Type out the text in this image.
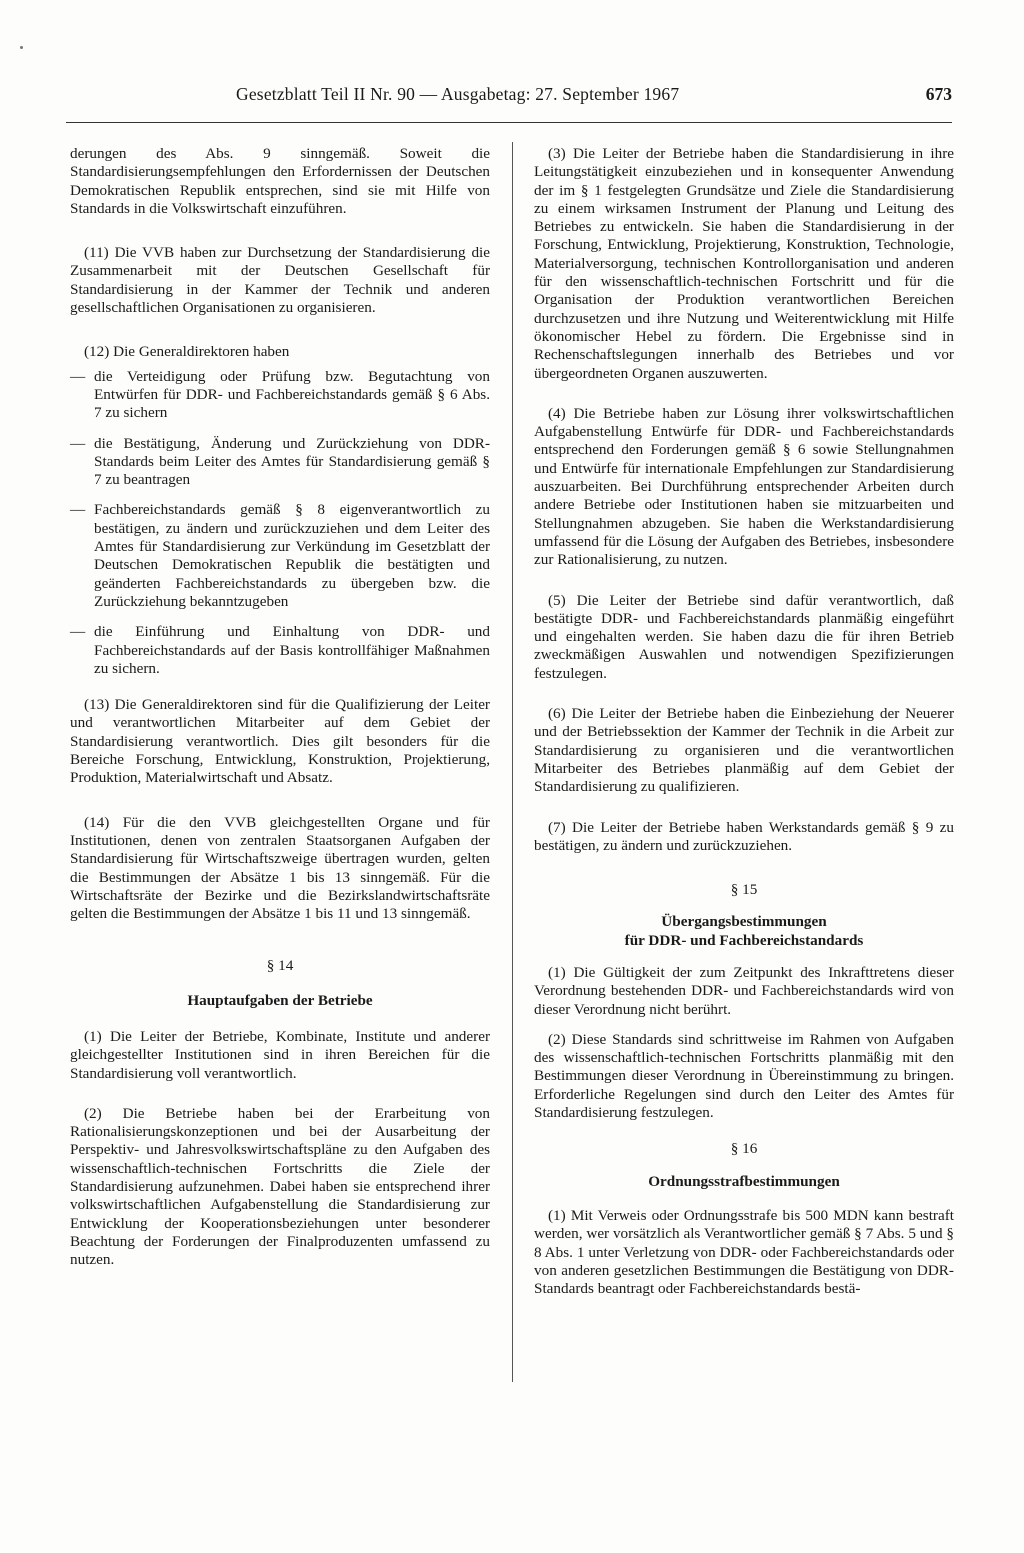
Gesetzblatt Teil II Nr. 90 — Ausgabetag: 27. September 1967	673

derungen des Abs. 9 sinngemäß. Soweit die Standardisierungsempfehlungen den Erfordernissen der Deutschen Demokratischen Republik entsprechen, sind sie mit Hilfe von Standards in die Volkswirtschaft einzuführen.

(11) Die VVB haben zur Durchsetzung der Standardisierung die Zusammenarbeit mit der Deutschen Gesellschaft für Standardisierung in der Kammer der Technik und anderen gesellschaftlichen Organisationen zu organisieren.

(12) Die Generaldirektoren haben

— die Verteidigung oder Prüfung bzw. Begutachtung von Entwürfen für DDR- und Fachbereichstandards gemäß § 6 Abs. 7 zu sichern
— die Bestätigung, Änderung und Zurückziehung von DDR-Standards beim Leiter des Amtes für Standardisierung gemäß § 7 zu beantragen
— Fachbereichstandards gemäß § 8 eigenverantwortlich zu bestätigen, zu ändern und zurückzuziehen und dem Leiter des Amtes für Standardisierung zur Verkündung im Gesetzblatt der Deutschen Demokratischen Republik die bestätigten und geänderten Fachbereichstandards zu übergeben bzw. die Zurückziehung bekanntzugeben
— die Einführung und Einhaltung von DDR- und Fachbereichstandards auf der Basis kontrollfähiger Maßnahmen zu sichern.

(13) Die Generaldirektoren sind für die Qualifizierung der Leiter und verantwortlichen Mitarbeiter auf dem Gebiet der Standardisierung verantwortlich. Dies gilt besonders für die Bereiche Forschung, Entwicklung, Konstruktion, Projektierung, Produktion, Materialwirtschaft und Absatz.

(14) Für die den VVB gleichgestellten Organe und für Institutionen, denen von zentralen Staatsorganen Aufgaben der Standardisierung für Wirtschaftszweige übertragen wurden, gelten die Bestimmungen der Absätze 1 bis 13 sinngemäß. Für die Wirtschaftsräte der Bezirke und die Bezirkslandwirtschaftsräte gelten die Bestimmungen der Absätze 1 bis 11 und 13 sinngemäß.

§ 14
Hauptaufgaben der Betriebe

(1) Die Leiter der Betriebe, Kombinate, Institute und anderer gleichgestellter Institutionen sind in ihren Bereichen für die Standardisierung voll verantwortlich.

(2) Die Betriebe haben bei der Erarbeitung von Rationalisierungskonzeptionen und bei der Ausarbeitung der Perspektiv- und Jahresvolkswirtschaftspläne zu den Aufgaben des wissenschaftlich-technischen Fortschritts die Ziele der Standardisierung aufzunehmen. Dabei haben sie entsprechend ihrer volkswirtschaftlichen Aufgabenstellung die Standardisierung zur Entwicklung der Kooperationsbeziehungen unter besonderer Beachtung der Forderungen der Finalproduzenten umfassend zu nutzen.

(3) Die Leiter der Betriebe haben die Standardisierung in ihre Leitungstätigkeit einzubeziehen und in konsequenter Anwendung der im § 1 festgelegten Grundsätze und Ziele die Standardisierung zu einem wirksamen Instrument der Planung und Leitung des Betriebes zu entwickeln. Sie haben die Standardisierung in der Forschung, Entwicklung, Projektierung, Konstruktion, Technologie, Materialversorgung, technischen Kontrollorganisation und anderen für den wissenschaftlich-technischen Fortschritt und für die Organisation der Produktion verantwortlichen Bereichen durchzusetzen und ihre Nutzung und Weiterentwicklung mit Hilfe ökonomischer Hebel zu fördern. Die Ergebnisse sind in Rechenschaftslegungen innerhalb des Betriebes und vor übergeordneten Organen auszuwerten.

(4) Die Betriebe haben zur Lösung ihrer volkswirtschaftlichen Aufgabenstellung Entwürfe für DDR- und Fachbereichstandards entsprechend den Forderungen gemäß § 6 sowie Stellungnahmen und Entwürfe für internationale Empfehlungen zur Standardisierung auszuarbeiten. Bei Durchführung entsprechender Arbeiten durch andere Betriebe oder Institutionen haben sie mitzuarbeiten und Stellungnahmen abzugeben. Sie haben die Werkstandardisierung umfassend für die Lösung der Aufgaben des Betriebes, insbesondere zur Rationalisierung, zu nutzen.

(5) Die Leiter der Betriebe sind dafür verantwortlich, daß bestätigte DDR- und Fachbereichstandards planmäßig eingeführt und eingehalten werden. Sie haben dazu die für ihren Betrieb zweckmäßigen Auswahlen und notwendigen Spezifizierungen festzulegen.

(6) Die Leiter der Betriebe haben die Einbeziehung der Neuerer und der Betriebssektion der Kammer der Technik in die Arbeit zur Standardisierung zu organisieren und die verantwortlichen Mitarbeiter des Betriebes planmäßig auf dem Gebiet der Standardisierung zu qualifizieren.

(7) Die Leiter der Betriebe haben Werkstandards gemäß § 9 zu bestätigen, zu ändern und zurückzuziehen.

§ 15
Übergangsbestimmungen
für DDR- und Fachbereichstandards

(1) Die Gültigkeit der zum Zeitpunkt des Inkrafttretens dieser Verordnung bestehenden DDR- und Fachbereichstandards wird von dieser Verordnung nicht berührt.

(2) Diese Standards sind schrittweise im Rahmen von Aufgaben des wissenschaftlich-technischen Fortschritts planmäßig mit den Bestimmungen dieser Verordnung in Übereinstimmung zu bringen. Erforderliche Regelungen sind durch den Leiter des Amtes für Standardisierung festzulegen.

§ 16
Ordnungsstrafbestimmungen

(1) Mit Verweis oder Ordnungsstrafe bis 500 MDN kann bestraft werden, wer vorsätzlich als Verantwortlicher gemäß § 7 Abs. 5 und § 8 Abs. 1 unter Verletzung von DDR- oder Fachbereichstandards oder von anderen gesetzlichen Bestimmungen die Bestätigung von DDR-Standards beantragt oder Fachbereichstandards bestä-
